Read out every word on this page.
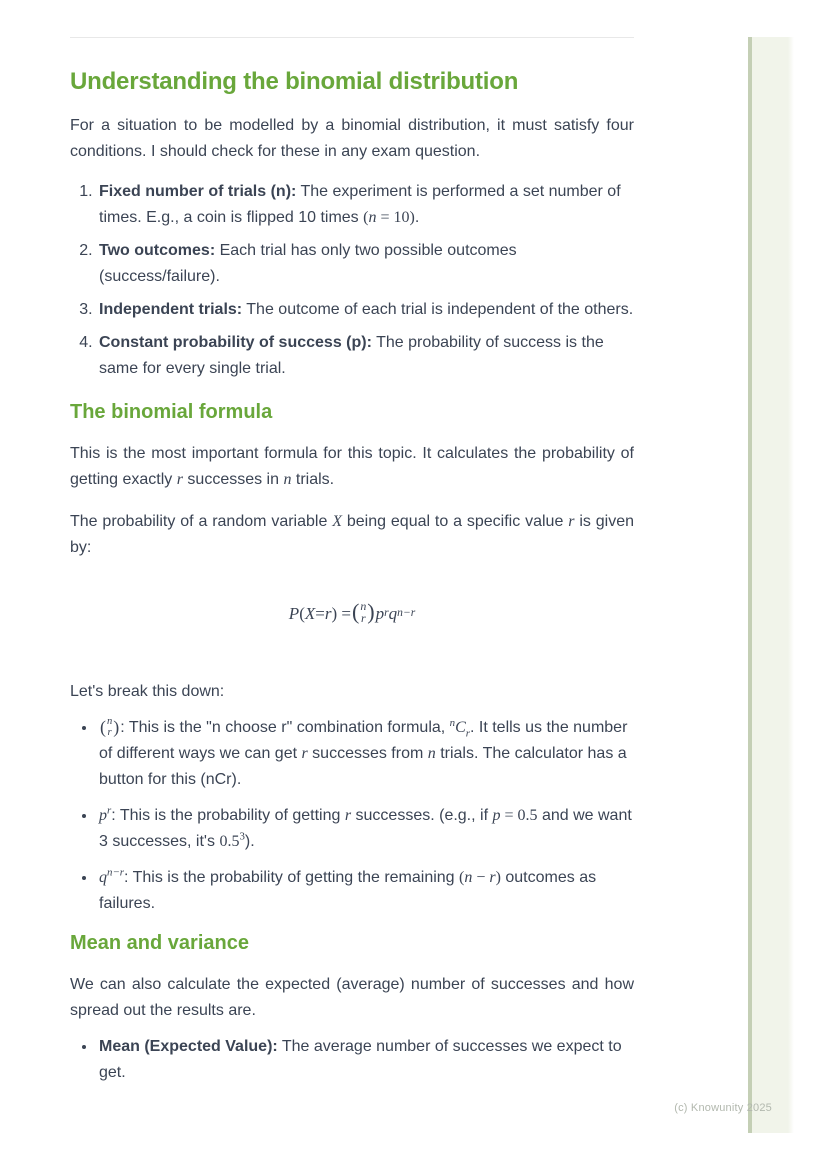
(c) Knowunity 2025
Understanding the binomial distribution

For a situation to be modelled by a binomial distribution, it must satisfy four conditions. I should check for these in any exam question.

1. Fixed number of trials (n): The experiment is performed a set number of times. E.g., a coin is flipped 10 times (n = 10).
2. Two outcomes: Each trial has only two possible outcomes (success/failure).
3. Independent trials: The outcome of each trial is independent of the others.
4. Constant probability of success (p): The probability of success is the same for every single trial.
The binomial formula

This is the most important formula for this topic. It calculates the probability of getting exactly r successes in n trials.

The probability of a random variable X being equal to a specific value r is given by:

P ( X = r ) = ( n
r ) p r q n−r

Let's break this down:

• ( n
r ) : This is the "n choose r" combination formula, $^nC_r$. It tells us the number of different ways we can get r successes from n trials. The calculator has a button for this (nCr).
• $p^r$: This is the probability of getting r successes. (e.g., if p = 0.5 and we want 3 successes, it's $0.5^3$).
• $q^{n-r}$: This is the probability of getting the remaining (n − r) outcomes as failures.
Mean and variance

We can also calculate the expected (average) number of successes and how spread out the results are.

• Mean (Expected Value): The average number of successes we expect to get.
